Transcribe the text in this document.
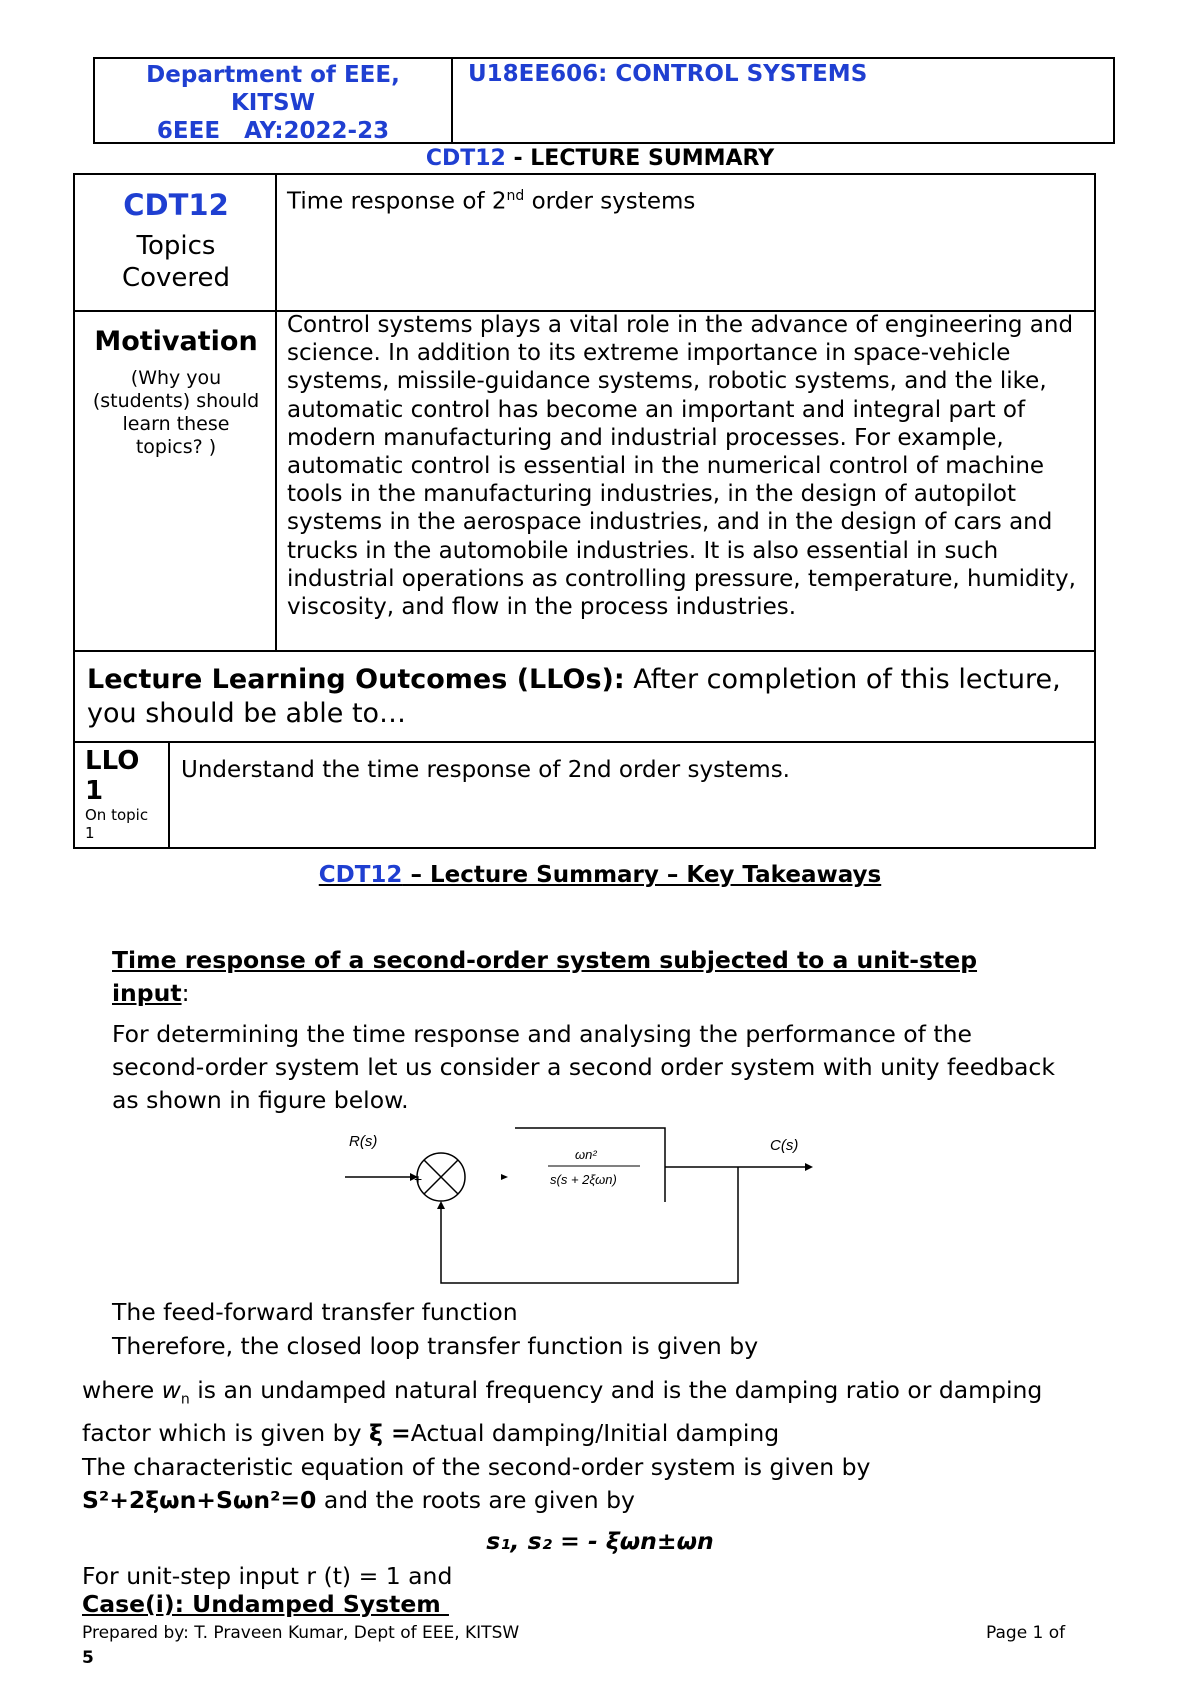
Department of EEE,
KITSW
6EEE   AY:2022-23
U18EE606: CONTROL SYSTEMS
CDT12 - LECTURE SUMMARY
CDT12
Topics
Covered
Time response of 2nd order systems
Motivation
(Why you
(students) should
learn these
topics? )
Control systems plays a vital role in the advance of engineering and science. In addition to its extreme importance in space-vehicle systems, missile-guidance systems, robotic systems, and the like, automatic control has become an important and integral part of modern manufacturing and industrial processes. For example, automatic control is essential in the numerical control of machine tools in the manufacturing industries, in the design of autopilot systems in the aerospace industries, and in the design of cars and trucks in the automobile industries. It is also essential in such industrial operations as controlling pressure, temperature, humidity, viscosity, and flow in the process industries.
Lecture Learning Outcomes (LLOs): After completion of this lecture, you should be able to…
LLO
1
On topic
1
Understand the time response of 2nd order systems.
CDT12 – Lecture Summary – Key Takeaways
Time response of a second-order system subjected to a unit-step input:
For determining the time response and analysing the performance of the second-order system let us consider a second order system with unity feedback as shown in figure below.
R(s)
+
ωn²
s(s + 2ξωn)
C(s)
The feed-forward transfer function
Therefore, the closed loop transfer function is given by
where $w_n$ is an undamped natural frequency and is the damping ratio or damping factor which is given by ξ =Actual damping/Initial damping
The characteristic equation of the second-order system is given by
S²+2ξωn+Sωn²=0 and the roots are given by
s₁, s₂ = - ξωn±ωn
For unit-step input r (t) = 1 and
Case(i): Undamped System
Prepared by: T. Praveen Kumar, Dept of EEE, KITSW	Page 1 of
5
